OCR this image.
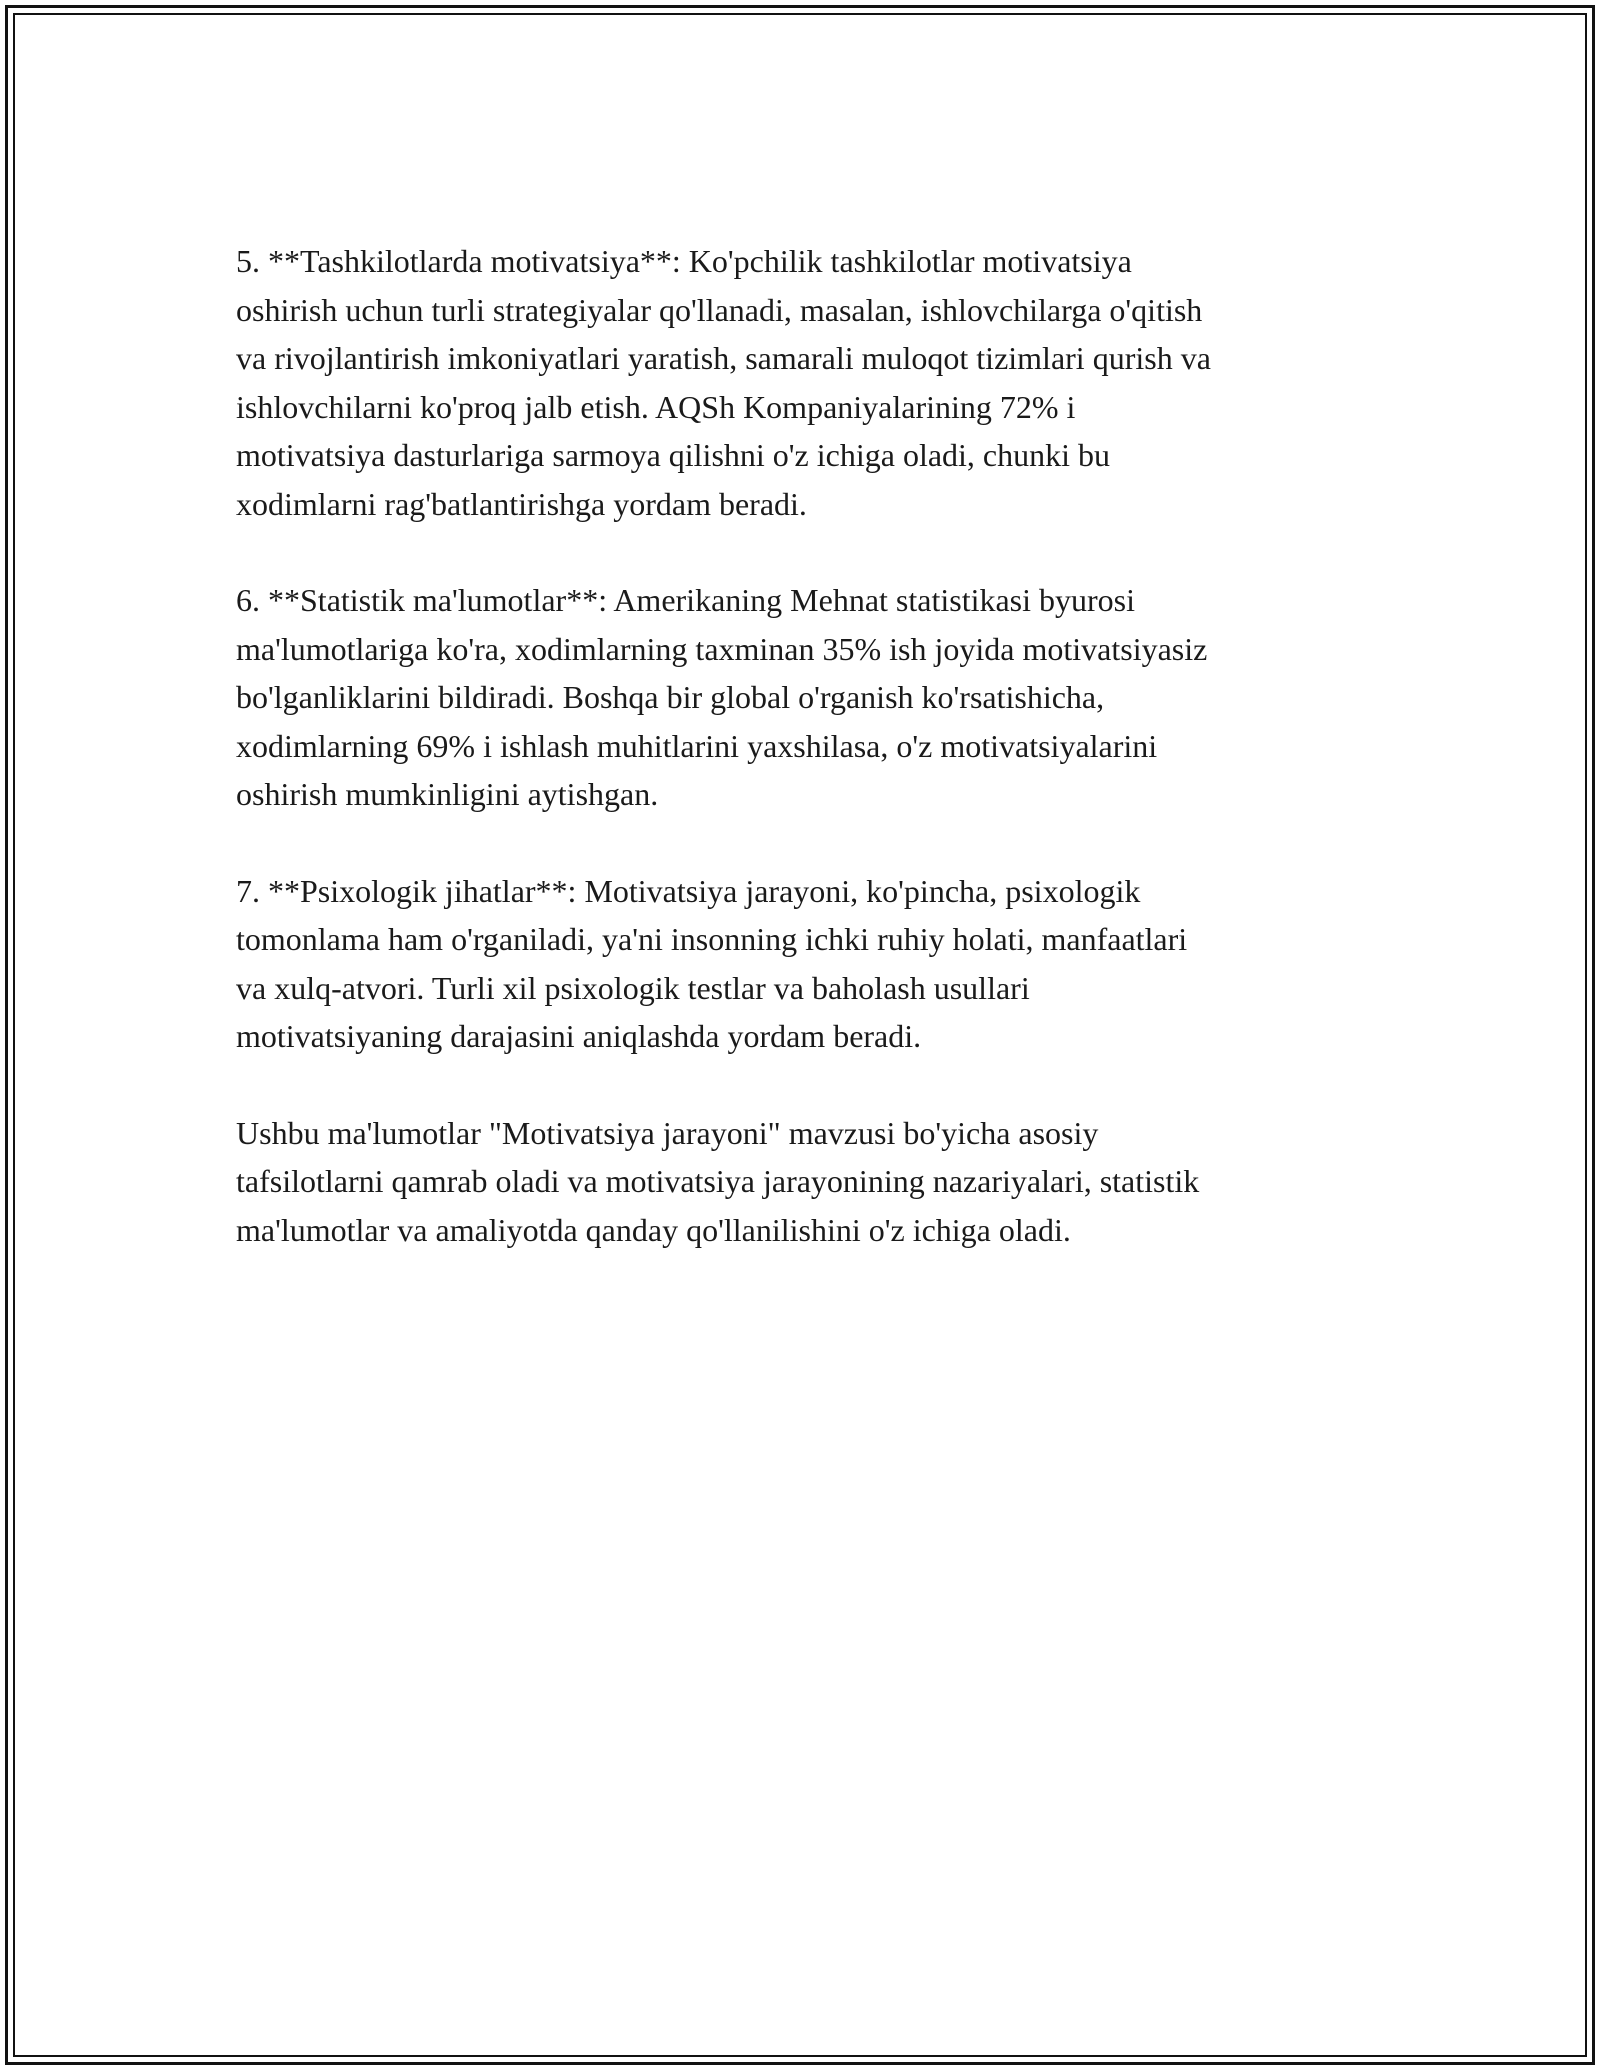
5. **Tashkilotlarda motivatsiya**: Ko'pchilik tashkilotlar motivatsiya
oshirish uchun turli strategiyalar qo'llanadi, masalan, ishlovchilarga o'qitish
va rivojlantirish imkoniyatlari yaratish, samarali muloqot tizimlari qurish va
ishlovchilarni ko'proq jalb etish. AQSh Kompaniyalarining 72% i
motivatsiya dasturlariga sarmoya qilishni o'z ichiga oladi, chunki bu
xodimlarni rag'batlantirishga yordam beradi.

6. **Statistik ma'lumotlar**: Amerikaning Mehnat statistikasi byurosi
ma'lumotlariga ko'ra, xodimlarning taxminan 35% ish joyida motivatsiyasiz
bo'lganliklarini bildiradi. Boshqa bir global o'rganish ko'rsatishicha,
xodimlarning 69% i ishlash muhitlarini yaxshilasa, o'z motivatsiyalarini
oshirish mumkinligini aytishgan.

7. **Psixologik jihatlar**: Motivatsiya jarayoni, ko'pincha, psixologik
tomonlama ham o'rganiladi, ya'ni insonning ichki ruhiy holati, manfaatlari
va xulq-atvori. Turli xil psixologik testlar va baholash usullari
motivatsiyaning darajasini aniqlashda yordam beradi.

Ushbu ma'lumotlar "Motivatsiya jarayoni" mavzusi bo'yicha asosiy
tafsilotlarni qamrab oladi va motivatsiya jarayonining nazariyalari, statistik
ma'lumotlar va amaliyotda qanday qo'llanilishini o'z ichiga oladi.
